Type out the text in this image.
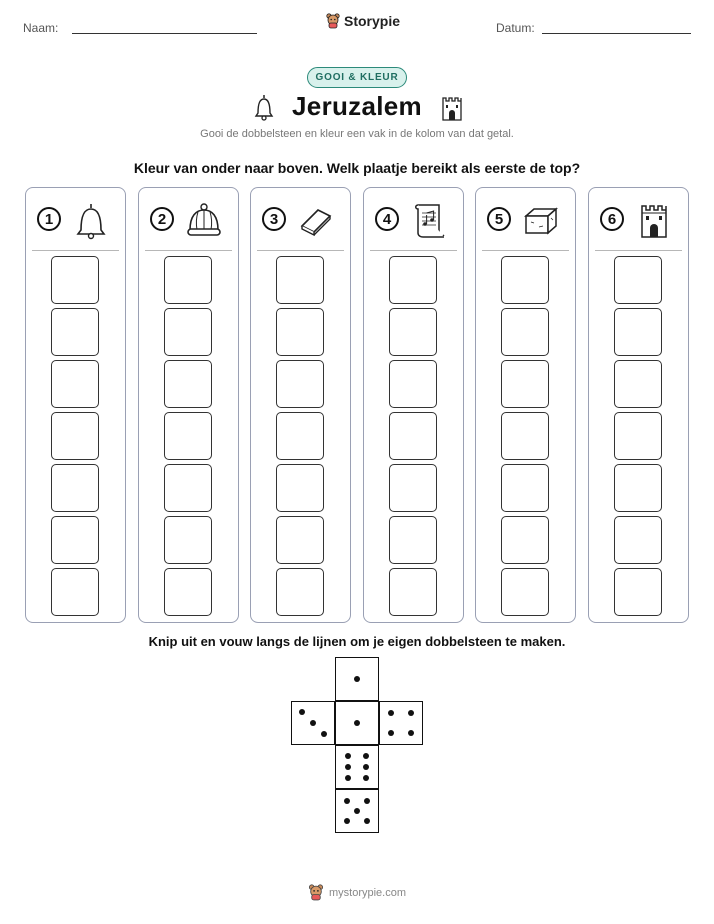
Naam:	Storypie	Datum:
GOOI & KLEUR
Jeruzalem
Gooi de dobbelsteen en kleur een vak in de kolom van dat getal.
Kleur van onder naar boven. Welk plaatje bereikt als eerste de top?
1	2	3	4	5	6
Knip uit en vouw langs de lijnen om je eigen dobbelsteen te maken.
mystorypie.com
